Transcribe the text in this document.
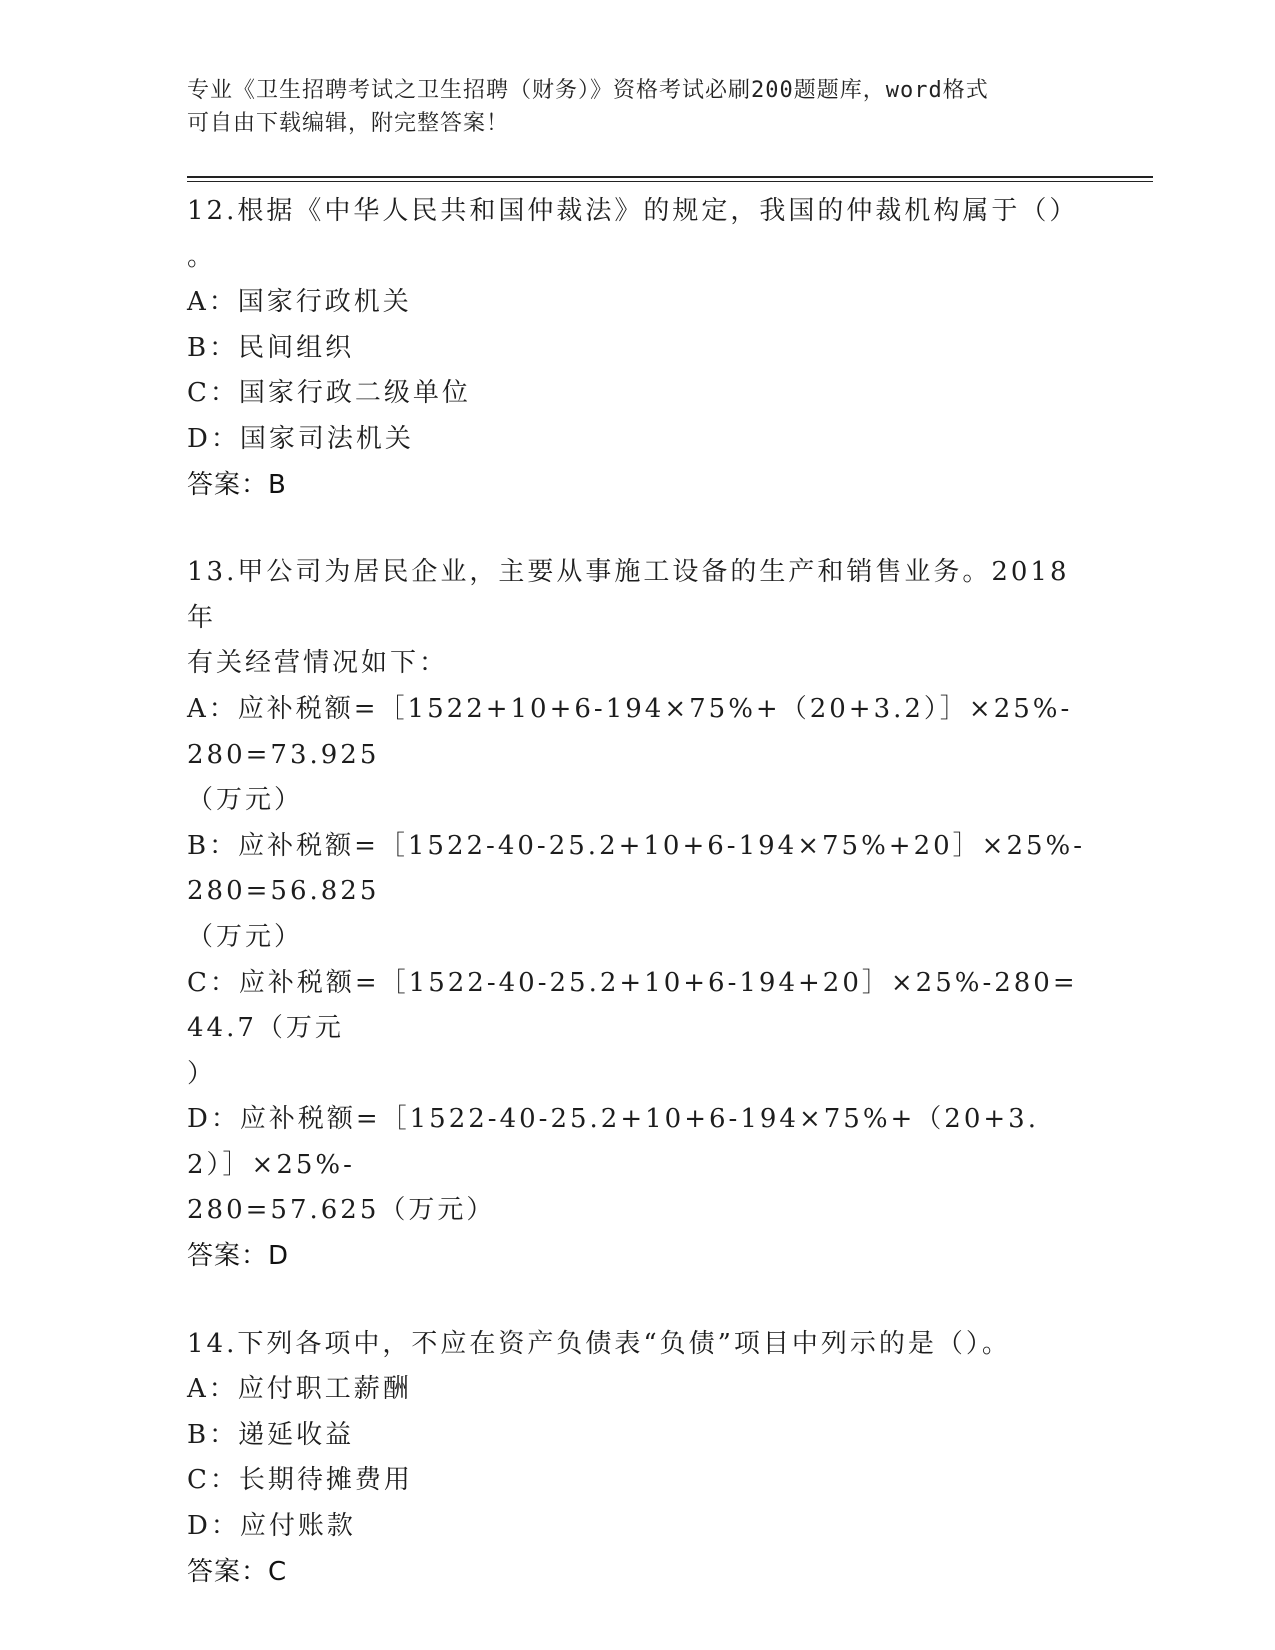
专业《卫生招聘考试之卫生招聘（财务）》资格考试必刷200题题库，word格式
可自由下载编辑，附完整答案！
12.根据《中华人民共和国仲裁法》的规定，我国的仲裁机构属于（）
。
A：国家行政机关
B：民间组织
C：国家行政二级单位
D：国家司法机关
答案：B
13.甲公司为居民企业，主要从事施工设备的生产和销售业务。2018年
有关经营情况如下：
A：应补税额=［1522+10+6-194×75%+（20+3.2）］×25%-280=73.925
（万元）
B：应补税额=［1522-40-25.2+10+6-194×75%+20］×25%-280=56.825
（万元）
C：应补税额=［1522-40-25.2+10+6-194+20］×25%-280=44.7（万元
）
D：应补税额=［1522-40-25.2+10+6-194×75%+（20+3.2）］×25%-
280=57.625（万元）
答案：D
14.下列各项中，不应在资产负债表“负债”项目中列示的是（）。
A：应付职工薪酬
B：递延收益
C：长期待摊费用
D：应付账款
答案：C
